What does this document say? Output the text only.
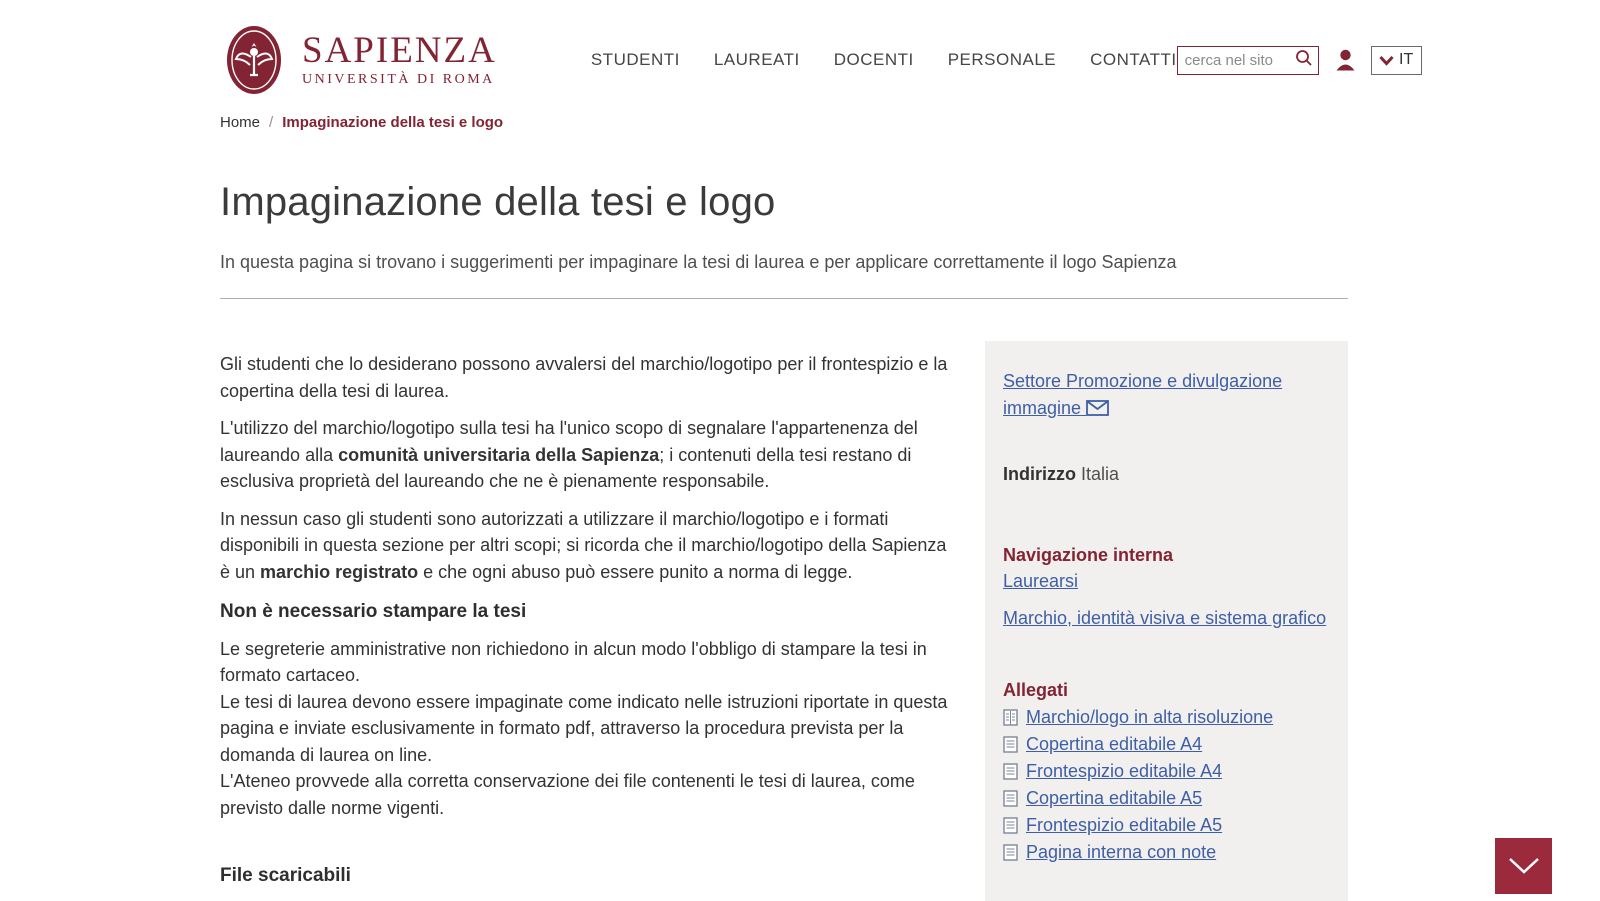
SAPIENZA
UNIVERSITÀ DI ROMA
STUDENTI LAUREATI DOCENTI PERSONALE CONTATTI
cerca nel sito	IT
Home / Impaginazione della tesi e logo
Impaginazione della tesi e logo
In questa pagina si trovano i suggerimenti per impaginare la tesi di laurea e per applicare correttamente il logo Sapienza

Gli studenti che lo desiderano possono avvalersi del marchio/logotipo per il frontespizio e la copertina della tesi di laurea.

L'utilizzo del marchio/logotipo sulla tesi ha l'unico scopo di segnalare l'appartenenza del laureando alla comunità universitaria della Sapienza; i contenuti della tesi restano di esclusiva proprietà del laureando che ne è pienamente responsabile.

In nessun caso gli studenti sono autorizzati a utilizzare il marchio/logotipo e i formati disponibili in questa sezione per altri scopi; si ricorda che il marchio/logotipo della Sapienza è un marchio registrato e che ogni abuso può essere punito a norma di legge.

Non è necessario stampare la tesi

Le segreterie amministrative non richiedono in alcun modo l'obbligo di stampare la tesi in formato cartaceo.
Le tesi di laurea devono essere impaginate come indicato nelle istruzioni riportate in questa pagina e inviate esclusivamente in formato pdf, attraverso la procedura prevista per la domanda di laurea on line.
L'Ateneo provvede alla corretta conservazione dei file contenenti le tesi di laurea, come previsto dalle norme vigenti.

File scaricabili
Settore Promozione e divulgazione immagine
Indirizzo Italia
Navigazione interna
Laurearsi
Marchio, identità visiva e sistema grafico
Allegati
Marchio/logo in alta risoluzione
Copertina editabile A4
Frontespizio editabile A4
Copertina editabile A5
Frontespizio editabile A5
Pagina interna con note
